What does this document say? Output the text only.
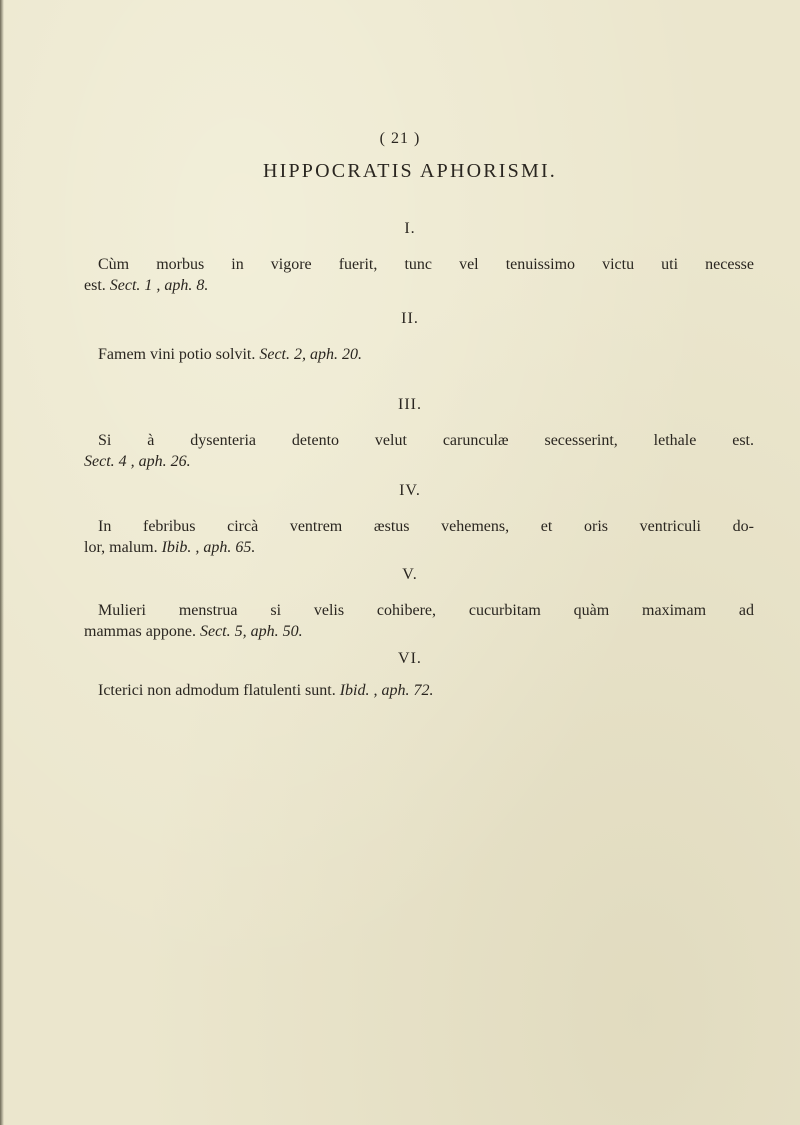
( 21 )
HIPPOCRATIS APHORISMI.
I.
Cùm morbus in vigore fuerit, tunc vel tenuissimo victu uti necesse
est. Sect. 1 , aph. 8.
II.
Famem vini potio solvit. Sect. 2, aph. 20.
III.
Si à dysenteria detento velut carunculæ secesserint, lethale est.
Sect. 4 , aph. 26.
IV.
In febribus circà ventrem æstus vehemens, et oris ventriculi do-
lor, malum. Ibib. , aph. 65.
V.
Mulieri menstrua si velis cohibere, cucurbitam quàm maximam ad
mammas appone. Sect. 5, aph. 50.
VI.
Icterici non admodum flatulenti sunt. Ibid. , aph. 72.
